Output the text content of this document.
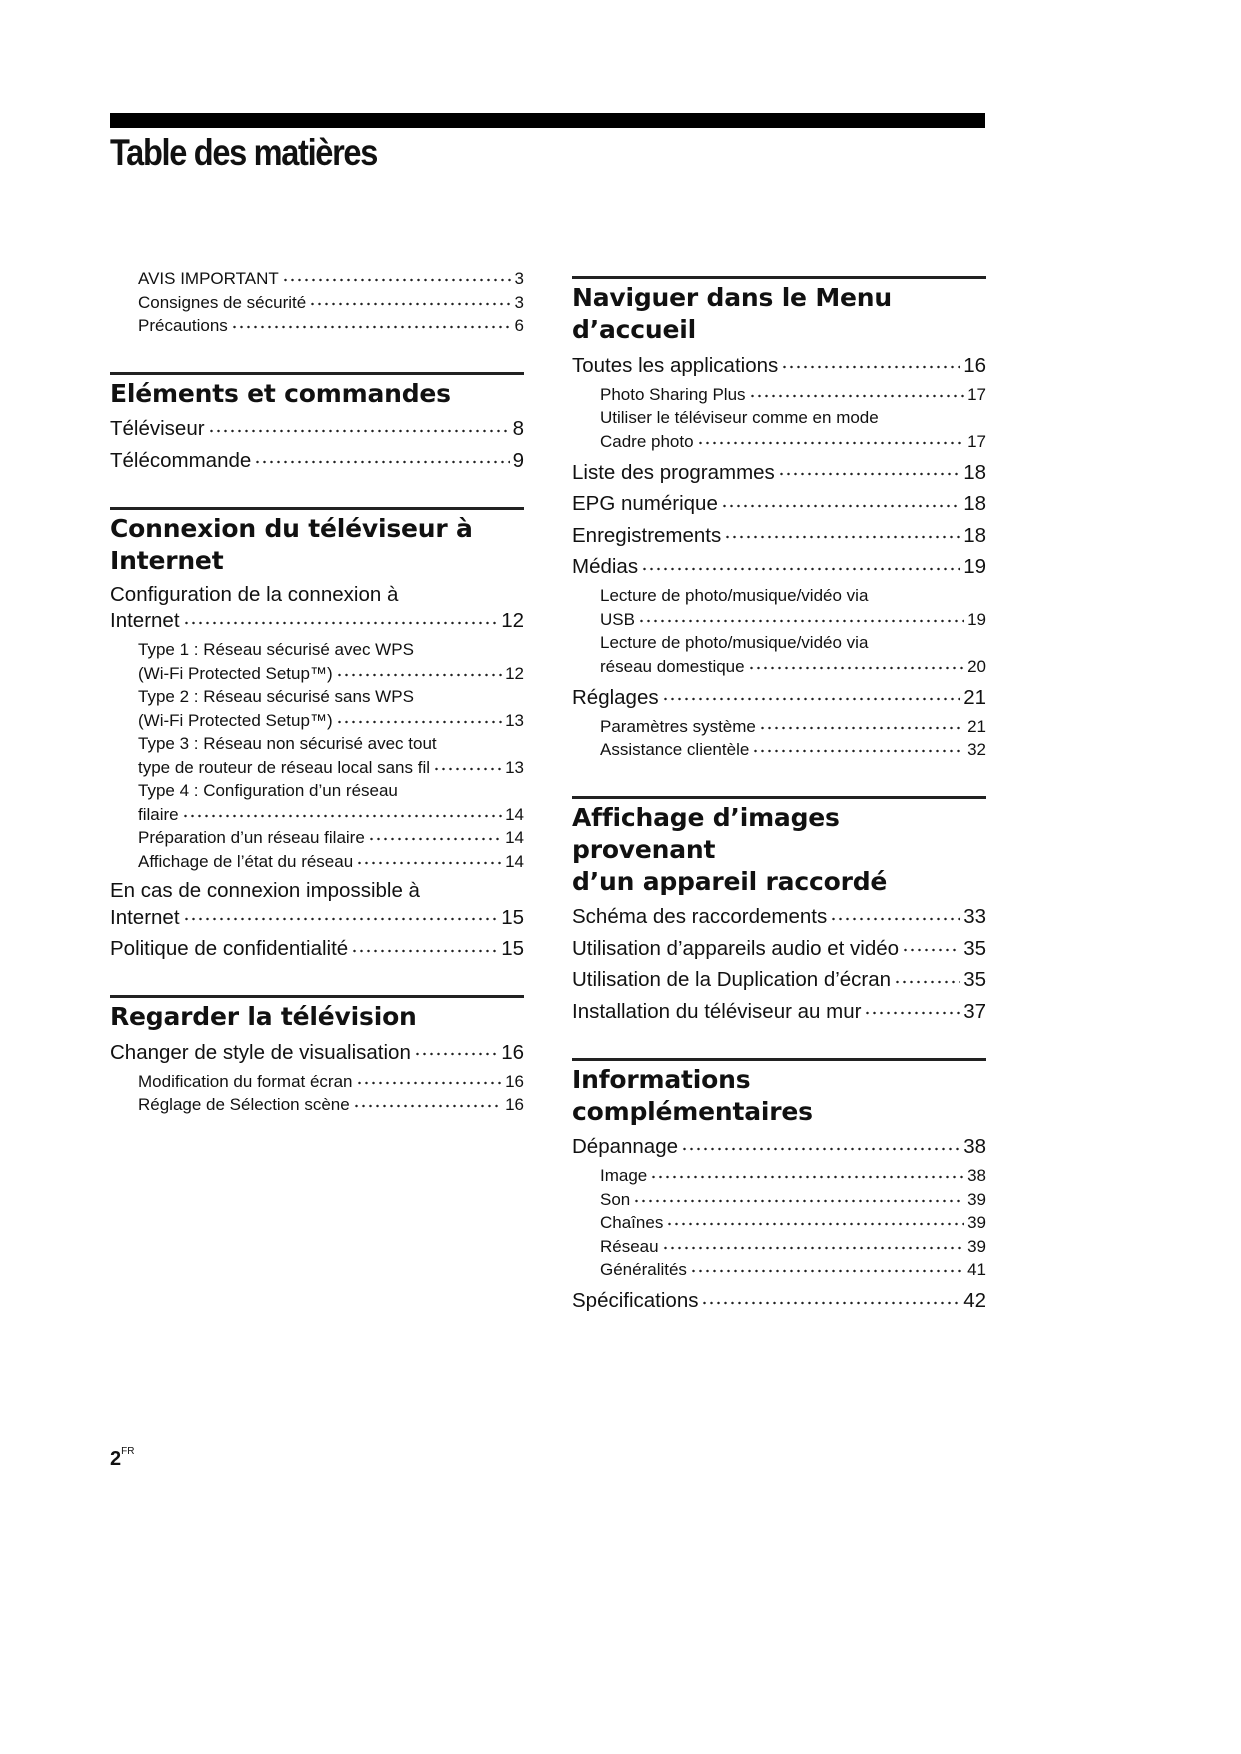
Table des matières
AVIS IMPORTANT	3
Consignes de sécurité	3
Précautions	6
Eléments et commandes
Téléviseur	8
Télécommande	9
Connexion du téléviseur à
Internet
Configuration de la connexion à
Internet	12
Type 1 : Réseau sécurisé avec WPS
(Wi-Fi Protected Setup™)	12
Type 2 : Réseau sécurisé sans WPS
(Wi-Fi Protected Setup™)	13
Type 3 : Réseau non sécurisé avec tout
type de routeur de réseau local sans fil	13
Type 4 : Configuration d’un réseau
filaire	14
Préparation d’un réseau filaire	14
Affichage de l’état du réseau	14
En cas de connexion impossible à
Internet	15
Politique de confidentialité	15
Regarder la télévision
Changer de style de visualisation	16
Modification du format écran	16
Réglage de Sélection scène	16
Naviguer dans le Menu
d’accueil
Toutes les applications	16
Photo Sharing Plus	17
Utiliser le téléviseur comme en mode
Cadre photo	17
Liste des programmes	18
EPG numérique	18
Enregistrements	18
Médias	19
Lecture de photo/musique/vidéo via
USB	19
Lecture de photo/musique/vidéo via
réseau domestique	20
Réglages	21
Paramètres système	21
Assistance clientèle	32
Affichage d’images provenant
d’un appareil raccordé
Schéma des raccordements	33
Utilisation d’appareils audio et vidéo	35
Utilisation de la Duplication d’écran	35
Installation du téléviseur au mur	37
Informations complémentaires
Dépannage	38
Image	38
Son	39
Chaînes	39
Réseau	39
Généralités	41
Spécifications	42
$2^{FR}$
